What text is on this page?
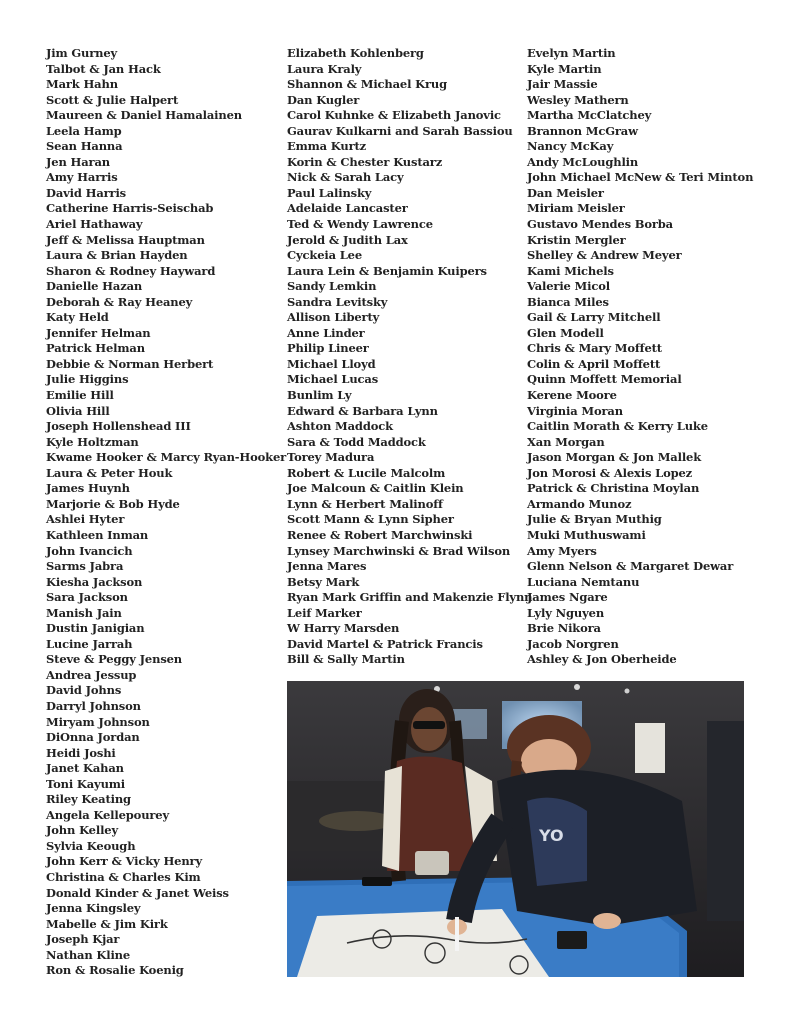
Jim Gurney
Talbot & Jan Hack
Mark Hahn
Scott & Julie Halpert
Maureen & Daniel Hamalainen
Leela Hamp
Sean Hanna
Jen Haran
Amy Harris
David Harris
Catherine Harris-Seischab
Ariel Hathaway
Jeff & Melissa Hauptman
Laura & Brian Hayden
Sharon & Rodney Hayward
Danielle Hazan
Deborah & Ray Heaney
Katy Held
Jennifer Helman
Patrick Helman
Debbie & Norman Herbert
Julie Higgins
Emilie Hill
Olivia Hill
Joseph Hollenshead III
Kyle Holtzman
Kwame Hooker & Marcy Ryan-Hooker
Laura & Peter Houk
James Huynh
Marjorie & Bob Hyde
Ashlei Hyter
Kathleen Inman
John Ivancich
Sarms Jabra
Kiesha Jackson
Sara Jackson
Manish Jain
Dustin Janigian
Lucine Jarrah
Steve & Peggy Jensen
Andrea Jessup
David Johns
Darryl Johnson
Miryam Johnson
DiOnna Jordan
Heidi Joshi
Janet Kahan
Toni Kayumi
Riley Keating
Angela Kellepourey
John Kelley
Sylvia Keough
John Kerr & Vicky Henry
Christina & Charles Kim
Donald Kinder & Janet Weiss
Jenna Kingsley
Mabelle & Jim Kirk
Joseph Kjar
Nathan Kline
Ron & Rosalie Koenig
Elizabeth Kohlenberg
Laura Kraly
Shannon & Michael Krug
Dan Kugler
Carol Kuhnke & Elizabeth Janovic
Gaurav Kulkarni and Sarah Bassiou
Emma Kurtz
Korin & Chester Kustarz
Nick & Sarah Lacy
Paul Lalinsky
Adelaide Lancaster
Ted & Wendy Lawrence
Jerold & Judith Lax
Cyckeia Lee
Laura Lein & Benjamin Kuipers
Sandy Lemkin
Sandra Levitsky
Allison Liberty
Anne Linder
Philip Lineer
Michael Lloyd
Michael Lucas
Bunlim Ly
Edward & Barbara Lynn
Ashton Maddock
Sara & Todd Maddock
Torey Madura
Robert & Lucile Malcolm
Joe Malcoun & Caitlin Klein
Lynn & Herbert Malinoff
Scott Mann & Lynn Sipher
Renee & Robert Marchwinski
Lynsey Marchwinski & Brad Wilson
Jenna Mares
Betsy Mark
Ryan Mark Griffin and Makenzie Flynn
Leif Marker
W Harry Marsden
David Martel & Patrick Francis
Bill & Sally Martin
Evelyn Martin
Kyle Martin
Jair Massie
Wesley Mathern
Martha McClatchey
Brannon McGraw
Nancy McKay
Andy McLoughlin
John Michael McNew & Teri Minton
Dan Meisler
Miriam Meisler
Gustavo Mendes Borba
Kristin Mergler
Shelley & Andrew Meyer
Kami Michels
Valerie Micol
Bianca Miles
Gail & Larry Mitchell
Glen Modell
Chris & Mary Moffett
Colin & April Moffett
Quinn Moffett Memorial
Kerene Moore
Virginia Moran
Caitlin Morath & Kerry Luke
Xan Morgan
Jason Morgan & Jon Mallek
Jon Morosi & Alexis Lopez
Patrick & Christina Moylan
Armando Munoz
Julie & Bryan Muthig
Muki Muthuswami
Amy Myers
Glenn Nelson & Margaret Dewar
Luciana Nemtanu
James Ngare
Lyly Nguyen
Brie Nikora
Jacob Norgren
Ashley & Jon Oberheide
YO
